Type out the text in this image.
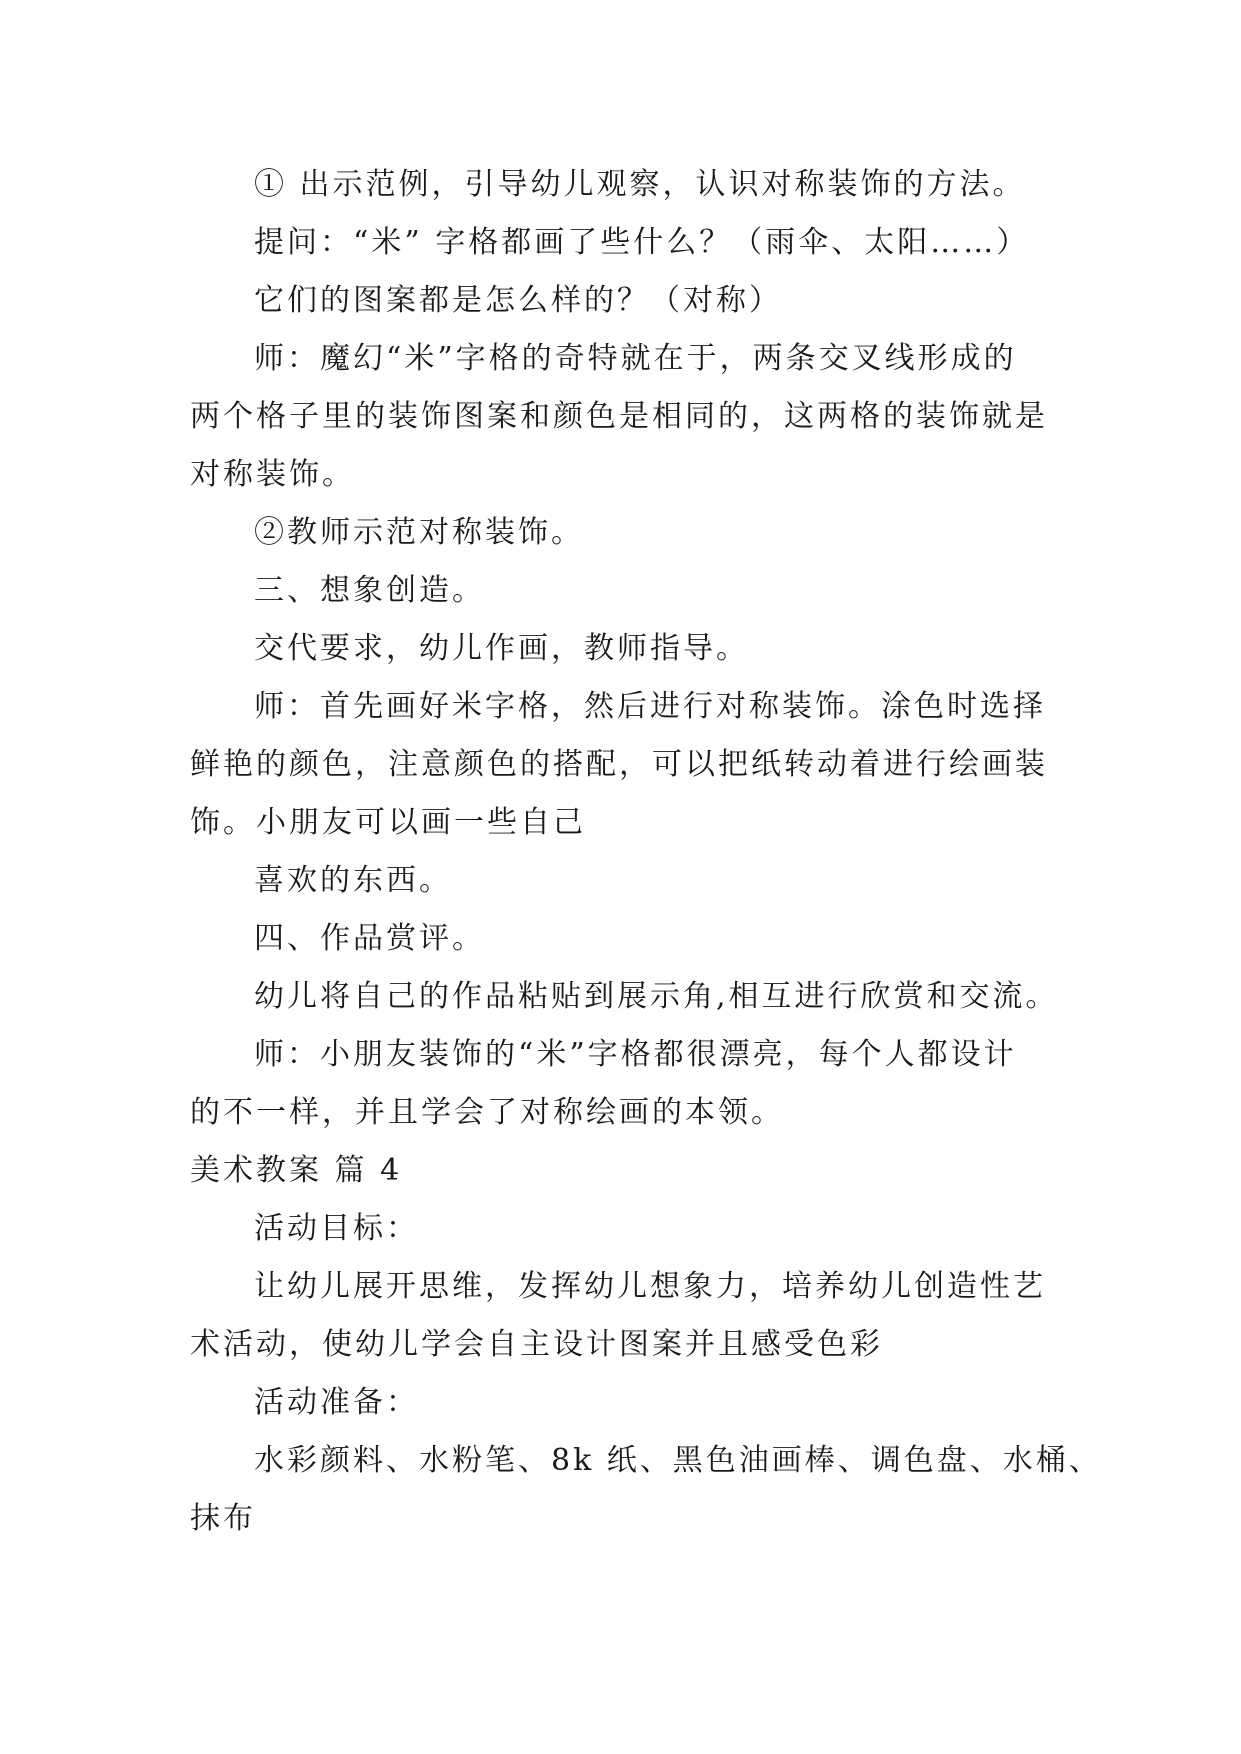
① 出示范例，引导幼儿观察，认识对称装饰的方法。
提问：“米” 字格都画了些什么？（雨伞、太阳……）
它们的图案都是怎么样的？（对称）
师：魔幻“米”字格的奇特就在于，两条交叉线形成的
两个格子里的装饰图案和颜色是相同的，这两格的装饰就是
对称装饰。
②教师示范对称装饰。
三、想象创造。
交代要求，幼儿作画，教师指导。
师：首先画好米字格，然后进行对称装饰。涂色时选择
鲜艳的颜色，注意颜色的搭配，可以把纸转动着进行绘画装
饰。小朋友可以画一些自己
喜欢的东西。
四、作品赏评。
幼儿将自己的作品粘贴到展示角,相互进行欣赏和交流。
师：小朋友装饰的“米”字格都很漂亮，每个人都设计
的不一样，并且学会了对称绘画的本领。
美术教案 篇 4
活动目标：
让幼儿展开思维，发挥幼儿想象力，培养幼儿创造性艺
术活动，使幼儿学会自主设计图案并且感受色彩
活动准备：
水彩颜料、水粉笔、8k 纸、黑色油画棒、调色盘、水桶、
抹布
